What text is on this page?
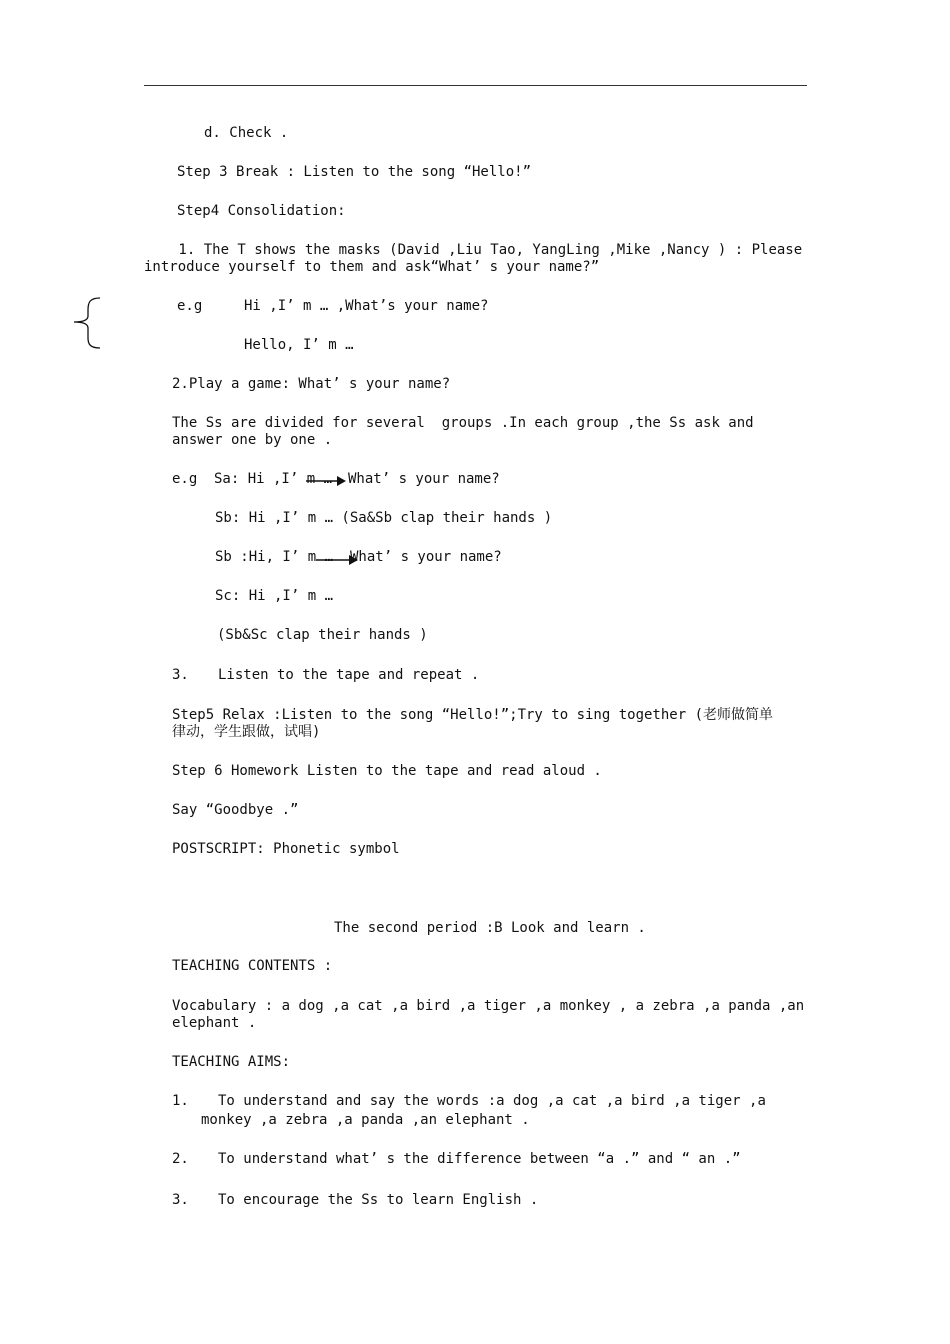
d. Check .

Step 3 Break : Listen to the song “Hello!”

Step4 Consolidation:

1. The T shows the masks (David ,Liu Tao, YangLing ,Mike ,Nancy ) : Please

introduce yourself to them and ask“What’ s your name?”

e.g	Hi ,I’ m … ,What’s your name?

Hello, I’ m …

2.Play a game: What’ s your name?

The Ss are divided for several  groups .In each group ,the Ss ask and

answer one by one .

e.g Sa: Hi ,I’ m … What’ s your name?

Sb: Hi ,I’ m … (Sa&Sb clap their hands )

Sb :Hi, I’ m … What’ s your name?

Sc: Hi ,I’ m …

(Sb&Sc clap their hands )

3. Listen to the tape and repeat .

Step5 Relax :Listen to the song “Hello!”;Try to sing together (老师做简单

律动，学生跟做，试唱)

Step 6 Homework Listen to the tape and read aloud .

Say “Goodbye .”

POSTSCRIPT: Phonetic symbol

The second period :B Look and learn .

TEACHING CONTENTS :

Vocabulary : a dog ,a cat ,a bird ,a tiger ,a monkey , a zebra ,a panda ,an

elephant .

TEACHING AIMS:

1. To understand and say the words :a dog ,a cat ,a bird ,a tiger ,a

monkey ,a zebra ,a panda ,an elephant .

2. To understand what’ s the difference between “a .” and “ an .”

3. To encourage the Ss to learn English .
